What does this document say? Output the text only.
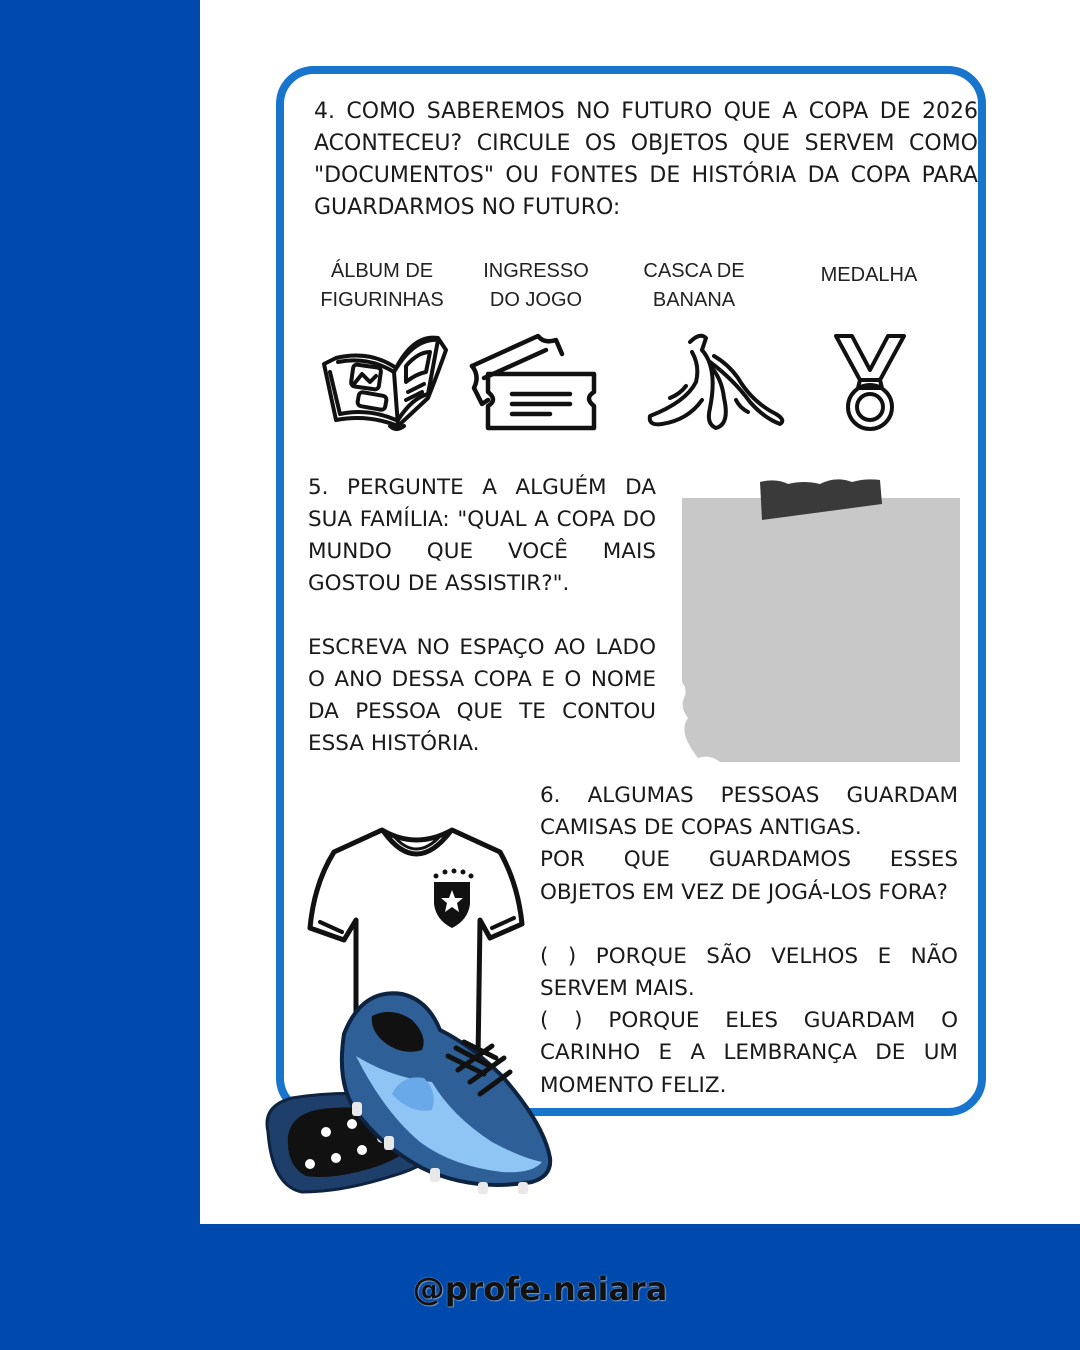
4. COMO SABEREMOS NO FUTURO QUE A COPA DE 2026 ACONTECEU? CIRCULE OS OBJETOS QUE SERVEM COMO "DOCUMENTOS" OU FONTES DE HISTÓRIA DA COPA PARA GUARDARMOS NO FUTURO:
ÁLBUM DE
FIGURINHAS
INGRESSO
DO JOGO
CASCA DE
BANANA
MEDALHA

5. PERGUNTE A ALGUÉM DA SUA FAMÍLIA: "QUAL A COPA DO MUNDO QUE VOCÊ MAIS GOSTOU DE ASSISTIR?".

ESCREVA NO ESPAÇO AO LADO O ANO DESSA COPA E O NOME DA PESSOA QUE TE CONTOU ESSA HISTÓRIA.

6. ALGUMAS PESSOAS GUARDAM CAMISAS DE COPAS ANTIGAS.

POR QUE GUARDAMOS ESSES OBJETOS EM VEZ DE JOGÁ-LOS FORA?

( ) PORQUE SÃO VELHOS E NÃO SERVEM MAIS.

( ) PORQUE ELES GUARDAM O CARINHO E A LEMBRANÇA DE UM MOMENTO FELIZ.

@profe.naiara
